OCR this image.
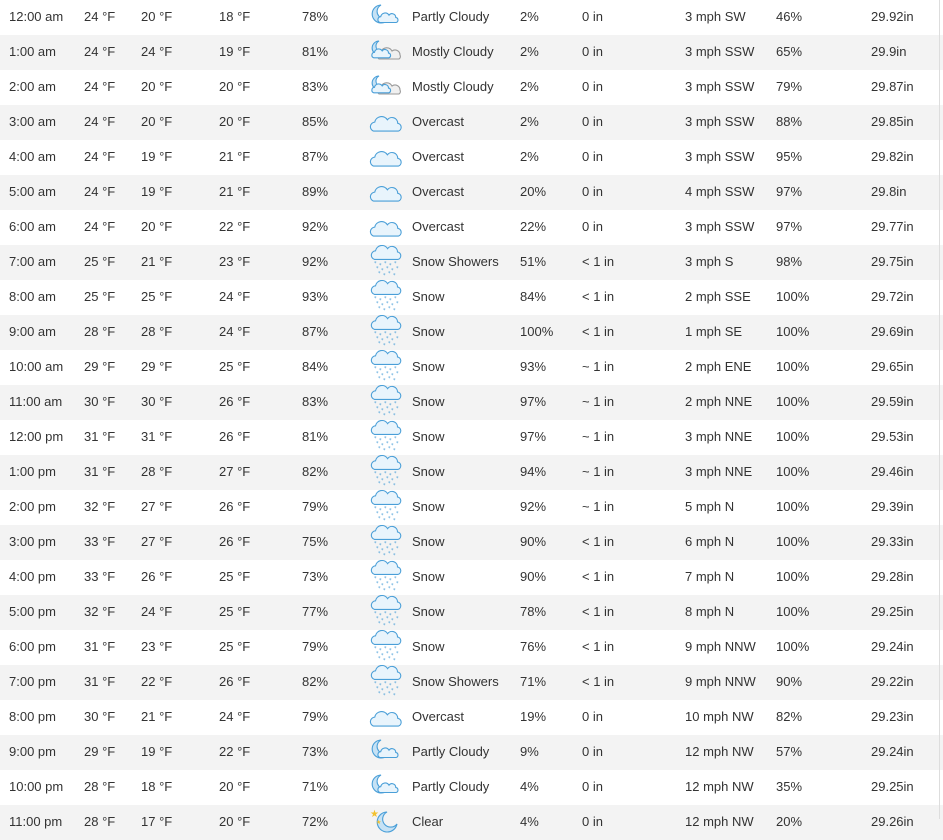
12:00 am 24 °F 20 °F	18 °F	78%	Partly Cloudy 2%	0 in	3 mph SW 46%	29.92in
1:00 am 24 °F 24 °F	19 °F	81%	Mostly Cloudy 2%	0 in	3 mph SSW 65%	29.9in
2:00 am 24 °F 20 °F	20 °F	83%	Mostly Cloudy 2%	0 in	3 mph SSW 79%	29.87in
3:00 am 24 °F 20 °F	20 °F	85%	Overcast	2%	0 in	3 mph SSW 88%	29.85in
4:00 am 24 °F 19 °F	21 °F	87%	Overcast	2%	0 in	3 mph SSW 95%	29.82in
5:00 am 24 °F 19 °F	21 °F	89%	Overcast	20%	0 in	4 mph SSW 97%	29.8in
6:00 am 24 °F 20 °F	22 °F	92%	Overcast	22%	0 in	3 mph SSW 97%	29.77in
7:00 am 25 °F 21 °F	23 °F	92%	Snow Showers 51%	< 1 in	3 mph S	98%	29.75in
* * * * *
* * * * *
* * * *
8:00 am 25 °F 25 °F	24 °F	93%	Snow	84%	< 1 in	2 mph SSE 100%	29.72in
* * * * *
* * * * *
* * * *
9:00 am 28 °F 28 °F	24 °F	87%	Snow	100% < 1 in	1 mph SE	100%	29.69in
* * * * *
* * * * *
* * * *
10:00 am 29 °F 29 °F	25 °F	84%	Snow	93%	~ 1 in	2 mph ENE 100%	29.65in
* * * * *
* * * * *
* * * *
11:00 am 30 °F 30 °F	26 °F	83%	Snow	97%	~ 1 in	2 mph NNE 100%	29.59in
* * * * *
* * * * *
* * * *
12:00 pm 31 °F 31 °F	26 °F	81%	Snow	97%	~ 1 in	3 mph NNE 100%	29.53in
* * * * *
* * * * *
* * * *
1:00 pm 31 °F 28 °F	27 °F	82%	Snow	94%	~ 1 in	3 mph NNE 100%	29.46in
* * * * *
* * * * *
* * * *
2:00 pm 32 °F 27 °F	26 °F	79%	Snow	92%	~ 1 in	5 mph N	100%	29.39in
* * * * *
* * * * *
* * * *
3:00 pm 33 °F 27 °F	26 °F	75%	Snow	90%	< 1 in	6 mph N	100%	29.33in
* * * * *
* * * * *
* * * *
4:00 pm 33 °F 26 °F	25 °F	73%	Snow	90%	< 1 in	7 mph N	100%	29.28in
* * * * *
* * * * *
* * * *
5:00 pm 32 °F 24 °F	25 °F	77%	Snow	78%	< 1 in	8 mph N	100%	29.25in
* * * * *
* * * * *
* * * *
6:00 pm 31 °F 23 °F	25 °F	79%	Snow	76%	< 1 in	9 mph NNW 100%	29.24in
* * * * *
* * * * *
* * * *
7:00 pm 31 °F 22 °F	26 °F	82%	Snow Showers 71%	< 1 in	9 mph NNW 90%	29.22in
* * * * *
* * * * *
* * * *
8:00 pm 30 °F 21 °F	24 °F	79%	Overcast	19%	0 in	10 mph NW 82%	29.23in
9:00 pm 29 °F 19 °F	22 °F	73%	Partly Cloudy 9%	0 in	12 mph NW 57%	29.24in
10:00 pm 28 °F 18 °F	20 °F	71%	Partly Cloudy 4%	0 in	12 mph NW 35%	29.25in
11:00 pm 28 °F 17 °F	20 °F	72%	Clear	4%	0 in	12 mph NW 20%	29.26in
★
★
